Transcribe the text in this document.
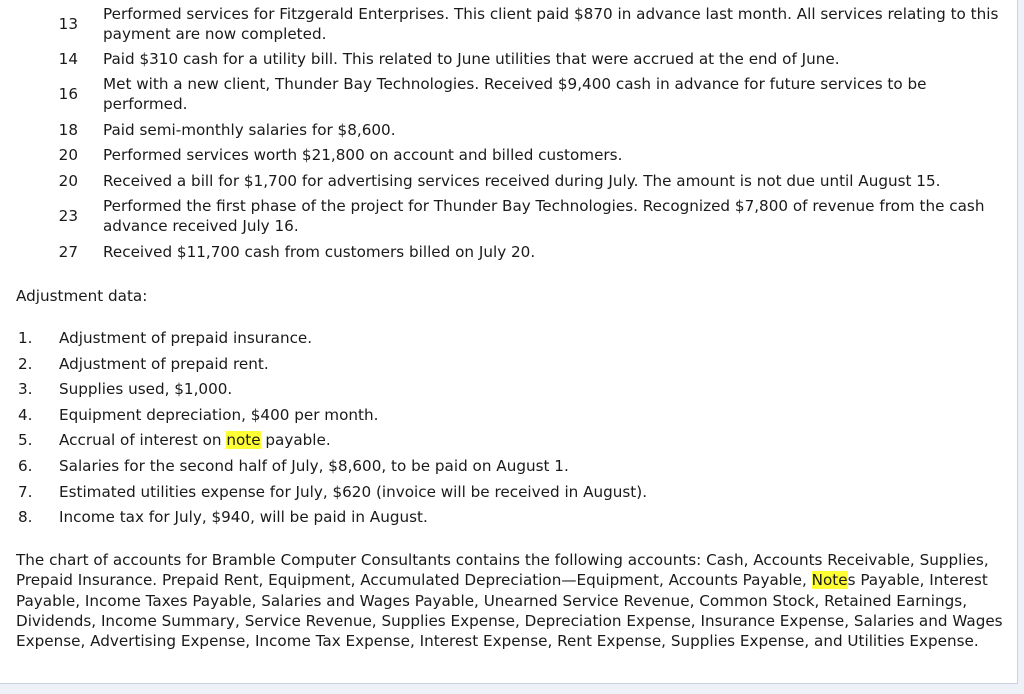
13
Performed services for Fitzgerald Enterprises. This client paid $870 in advance last month. All services relating to this payment are now completed.
14 Paid $310 cash for a utility bill. This related to June utilities that were accrued at the end of June.
16
Met with a new client, Thunder Bay Technologies. Received $9,400 cash in advance for future services to be performed.
18 Paid semi-monthly salaries for $8,600.
20 Performed services worth $21,800 on account and billed customers.
20 Received a bill for $1,700 for advertising services received during July. The amount is not due until August 15.
23
Performed the first phase of the project for Thunder Bay Technologies. Recognized $7,800 of revenue from the cash advance received July 16.
27 Received $11,700 cash from customers billed on July 20.
Adjustment data:
1. Adjustment of prepaid insurance.
2. Adjustment of prepaid rent.
3. Supplies used, $1,000.
4. Equipment depreciation, $400 per month.
5. Accrual of interest on note payable.
6. Salaries for the second half of July, $8,600, to be paid on August 1.
7. Estimated utilities expense for July, $620 (invoice will be received in August).
8. Income tax for July, $940, will be paid in August.
The chart of accounts for Bramble Computer Consultants contains the following accounts: Cash, Accounts Receivable, Supplies, Prepaid Insurance. Prepaid Rent, Equipment, Accumulated Depreciation—Equipment, Accounts Payable, Notes Payable, Interest Payable, Income Taxes Payable, Salaries and Wages Payable, Unearned Service Revenue, Common Stock, Retained Earnings, Dividends, Income Summary, Service Revenue, Supplies Expense, Depreciation Expense, Insurance Expense, Salaries and Wages Expense, Advertising Expense, Income Tax Expense, Interest Expense, Rent Expense, Supplies Expense, and Utilities Expense.
